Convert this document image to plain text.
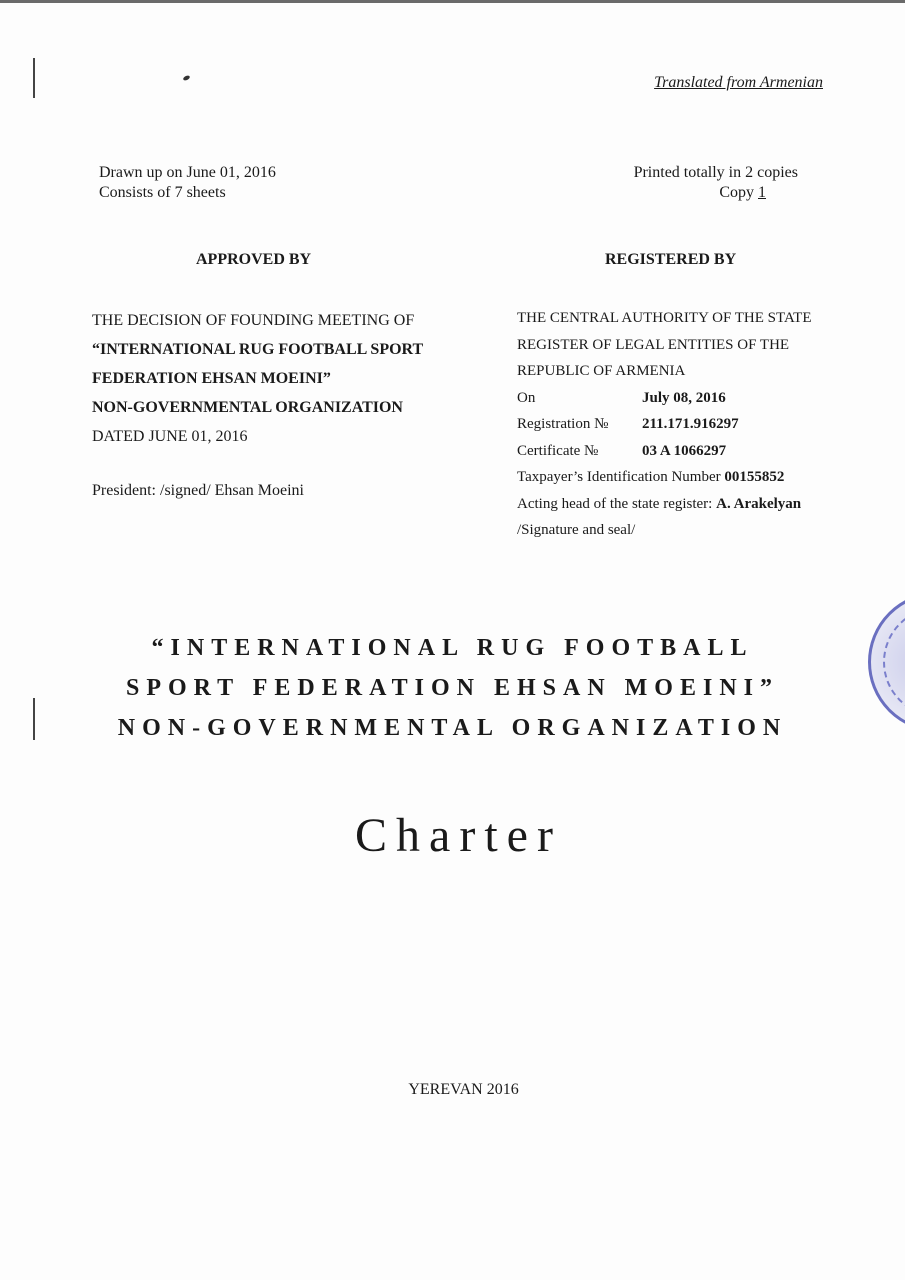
Translated from Armenian
Drawn up on June 01, 2016
Consists of 7 sheets
Printed totally in 2 copies
Copy 1
APPROVED BY	REGISTERED BY
THE DECISION OF FOUNDING MEETING OF
“INTERNATIONAL RUG FOOTBALL SPORT
FEDERATION EHSAN MOEINI”
NON-GOVERNMENTAL ORGANIZATION
DATED JUNE 01, 2016
President: /signed/ Ehsan Moeini
THE CENTRAL AUTHORITY OF THE STATE
REGISTER OF LEGAL ENTITIES OF THE
REPUBLIC OF ARMENIA
On	July 08, 2016
Registration № 211.171.916297
Certificate №	03 A 1066297
Taxpayer’s Identification Number 00155852
Acting head of the state register: A. Arakelyan
/Signature and seal/
“INTERNATIONAL RUG FOOTBALL
SPORT FEDERATION EHSAN MOEINI”
NON-GOVERNMENTAL ORGANIZATION
Charter
YEREVAN 2016
